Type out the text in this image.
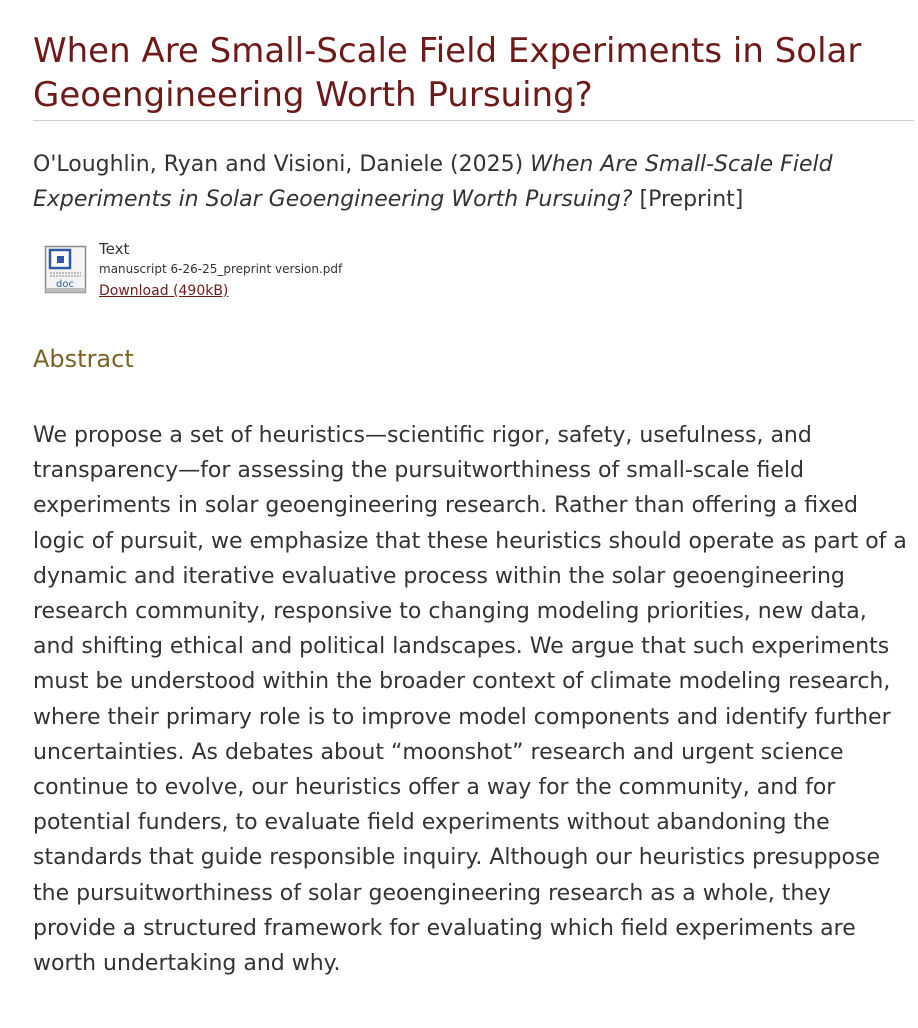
When Are Small-Scale Field Experiments in Solar Geoengineering Worth Pursuing?
O'Loughlin, Ryan and Visioni, Daniele (2025) When Are Small-Scale Field Experiments in Solar Geoengineering Worth Pursuing? [Preprint]
doc
Text
manuscript 6-26-25_preprint version.pdf
Download (490kB)
Abstract

We propose a set of heuristics—scientific rigor, safety, usefulness, and transparency—for assessing the pursuitworthiness of small-scale field experiments in solar geoengineering research. Rather than offering a fixed logic of pursuit, we emphasize that these heuristics should operate as part of a dynamic and iterative evaluative process within the solar geoengineering research community, responsive to changing modeling priorities, new data, and shifting ethical and political landscapes. We argue that such experiments must be understood within the broader context of climate modeling research, where their primary role is to improve model components and identify further uncertainties. As debates about “moonshot” research and urgent science continue to evolve, our heuristics offer a way for the community, and for potential funders, to evaluate field experiments without abandoning the standards that guide responsible inquiry. Although our heuristics presuppose the pursuitworthiness of solar geoengineering research as a whole, they provide a structured framework for evaluating which field experiments are worth undertaking and why.
